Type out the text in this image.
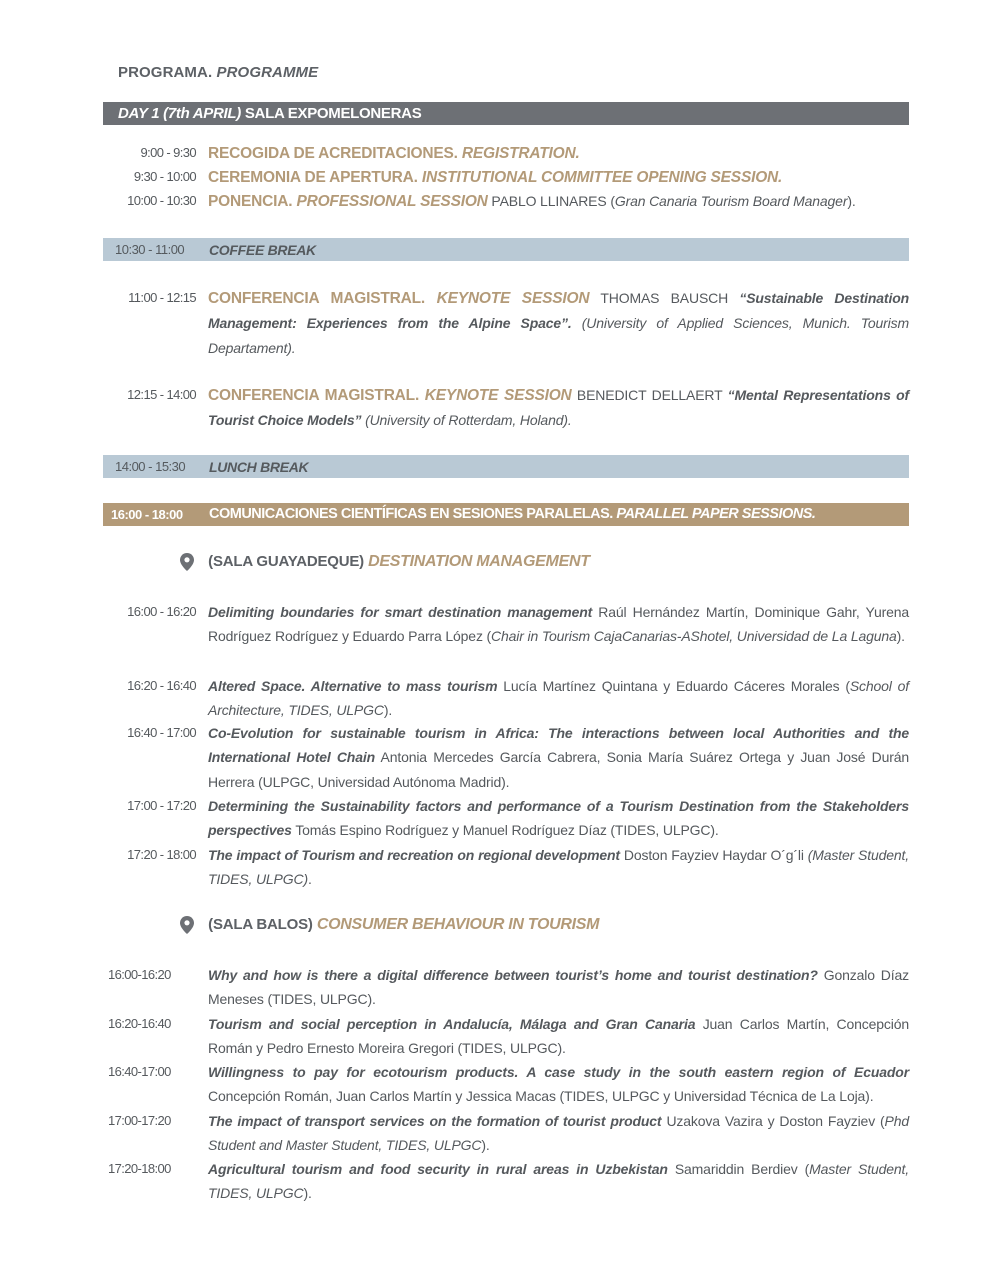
PROGRAMA. PROGRAMME
DAY 1 (7th APRIL) SALA EXPOMELONERAS
9:00 - 9:30 RECOGIDA DE ACREDITACIONES. REGISTRATION.
9:30 - 10:00 CEREMONIA DE APERTURA. INSTITUTIONAL COMMITTEE OPENING SESSION.
10:00 - 10:30 PONENCIA. PROFESSIONAL SESSION PABLO LLINARES (Gran Canaria Tourism Board Manager).
10:30 - 11:00 COFFEE BREAK
11:00 - 12:15 CONFERENCIA MAGISTRAL. KEYNOTE SESSION THOMAS BAUSCH “Sustainable Destination Management: Experiences from the Alpine Space”. (University of Applied Sciences, Munich. Tourism Departament).
12:15 - 14:00 CONFERENCIA MAGISTRAL. KEYNOTE SESSION BENEDICT DELLAERT “Mental Representations of Tourist Choice Models” (University of Rotterdam, Holand).
14:00 - 15:30 LUNCH BREAK
16:00 - 18:00 COMUNICACIONES CIENTÍFICAS EN SESIONES PARALELAS. PARALLEL PAPER SESSIONS.
(SALA GUAYADEQUE) DESTINATION MANAGEMENT
16:00 - 16:20 Delimiting boundaries for smart destination management Raúl Hernández Martín, Dominique Gahr, Yurena Rodríguez Rodríguez y Eduardo Parra López (Chair in Tourism CajaCanarias-AShotel, Universidad de La Laguna).
16:20 - 16:40 Altered Space. Alternative to mass tourism Lucía Martínez Quintana y Eduardo Cáceres Morales (School of Architecture, TIDES, ULPGC).
16:40 - 17:00 Co-Evolution for sustainable tourism in Africa: The interactions between local Authorities and the International Hotel Chain Antonia Mercedes García Cabrera, Sonia María Suárez Ortega y Juan José Durán Herrera (ULPGC, Universidad Autónoma Madrid).
17:00 - 17:20 Determining the Sustainability factors and performance of a Tourism Destination from the Stakeholders perspectives Tomás Espino Rodríguez y Manuel Rodríguez Díaz (TIDES, ULPGC).
17:20 - 18:00 The impact of Tourism and recreation on regional development Doston Fayziev Haydar O´g´li (Master Student, TIDES, ULPGC).
(SALA BALOS) CONSUMER BEHAVIOUR IN TOURISM
16:00-16:20	Why and how is there a digital difference between tourist’s home and tourist destination? Gonzalo Díaz Meneses (TIDES, ULPGC).
16:20-16:40	Tourism and social perception in Andalucía, Málaga and Gran Canaria Juan Carlos Martín, Concepción Román y Pedro Ernesto Moreira Gregori (TIDES, ULPGC).
16:40-17:00	Willingness to pay for ecotourism products. A case study in the south eastern region of Ecuador Concepción Román, Juan Carlos Martín y Jessica Macas (TIDES, ULPGC y Universidad Técnica de La Loja).
17:00-17:20	The impact of transport services on the formation of tourist product Uzakova Vazira y Doston Fayziev (Phd Student and Master Student, TIDES, ULPGC).
17:20-18:00	Agricultural tourism and food security in rural areas in Uzbekistan Samariddin Berdiev (Master Student, TIDES, ULPGC).
